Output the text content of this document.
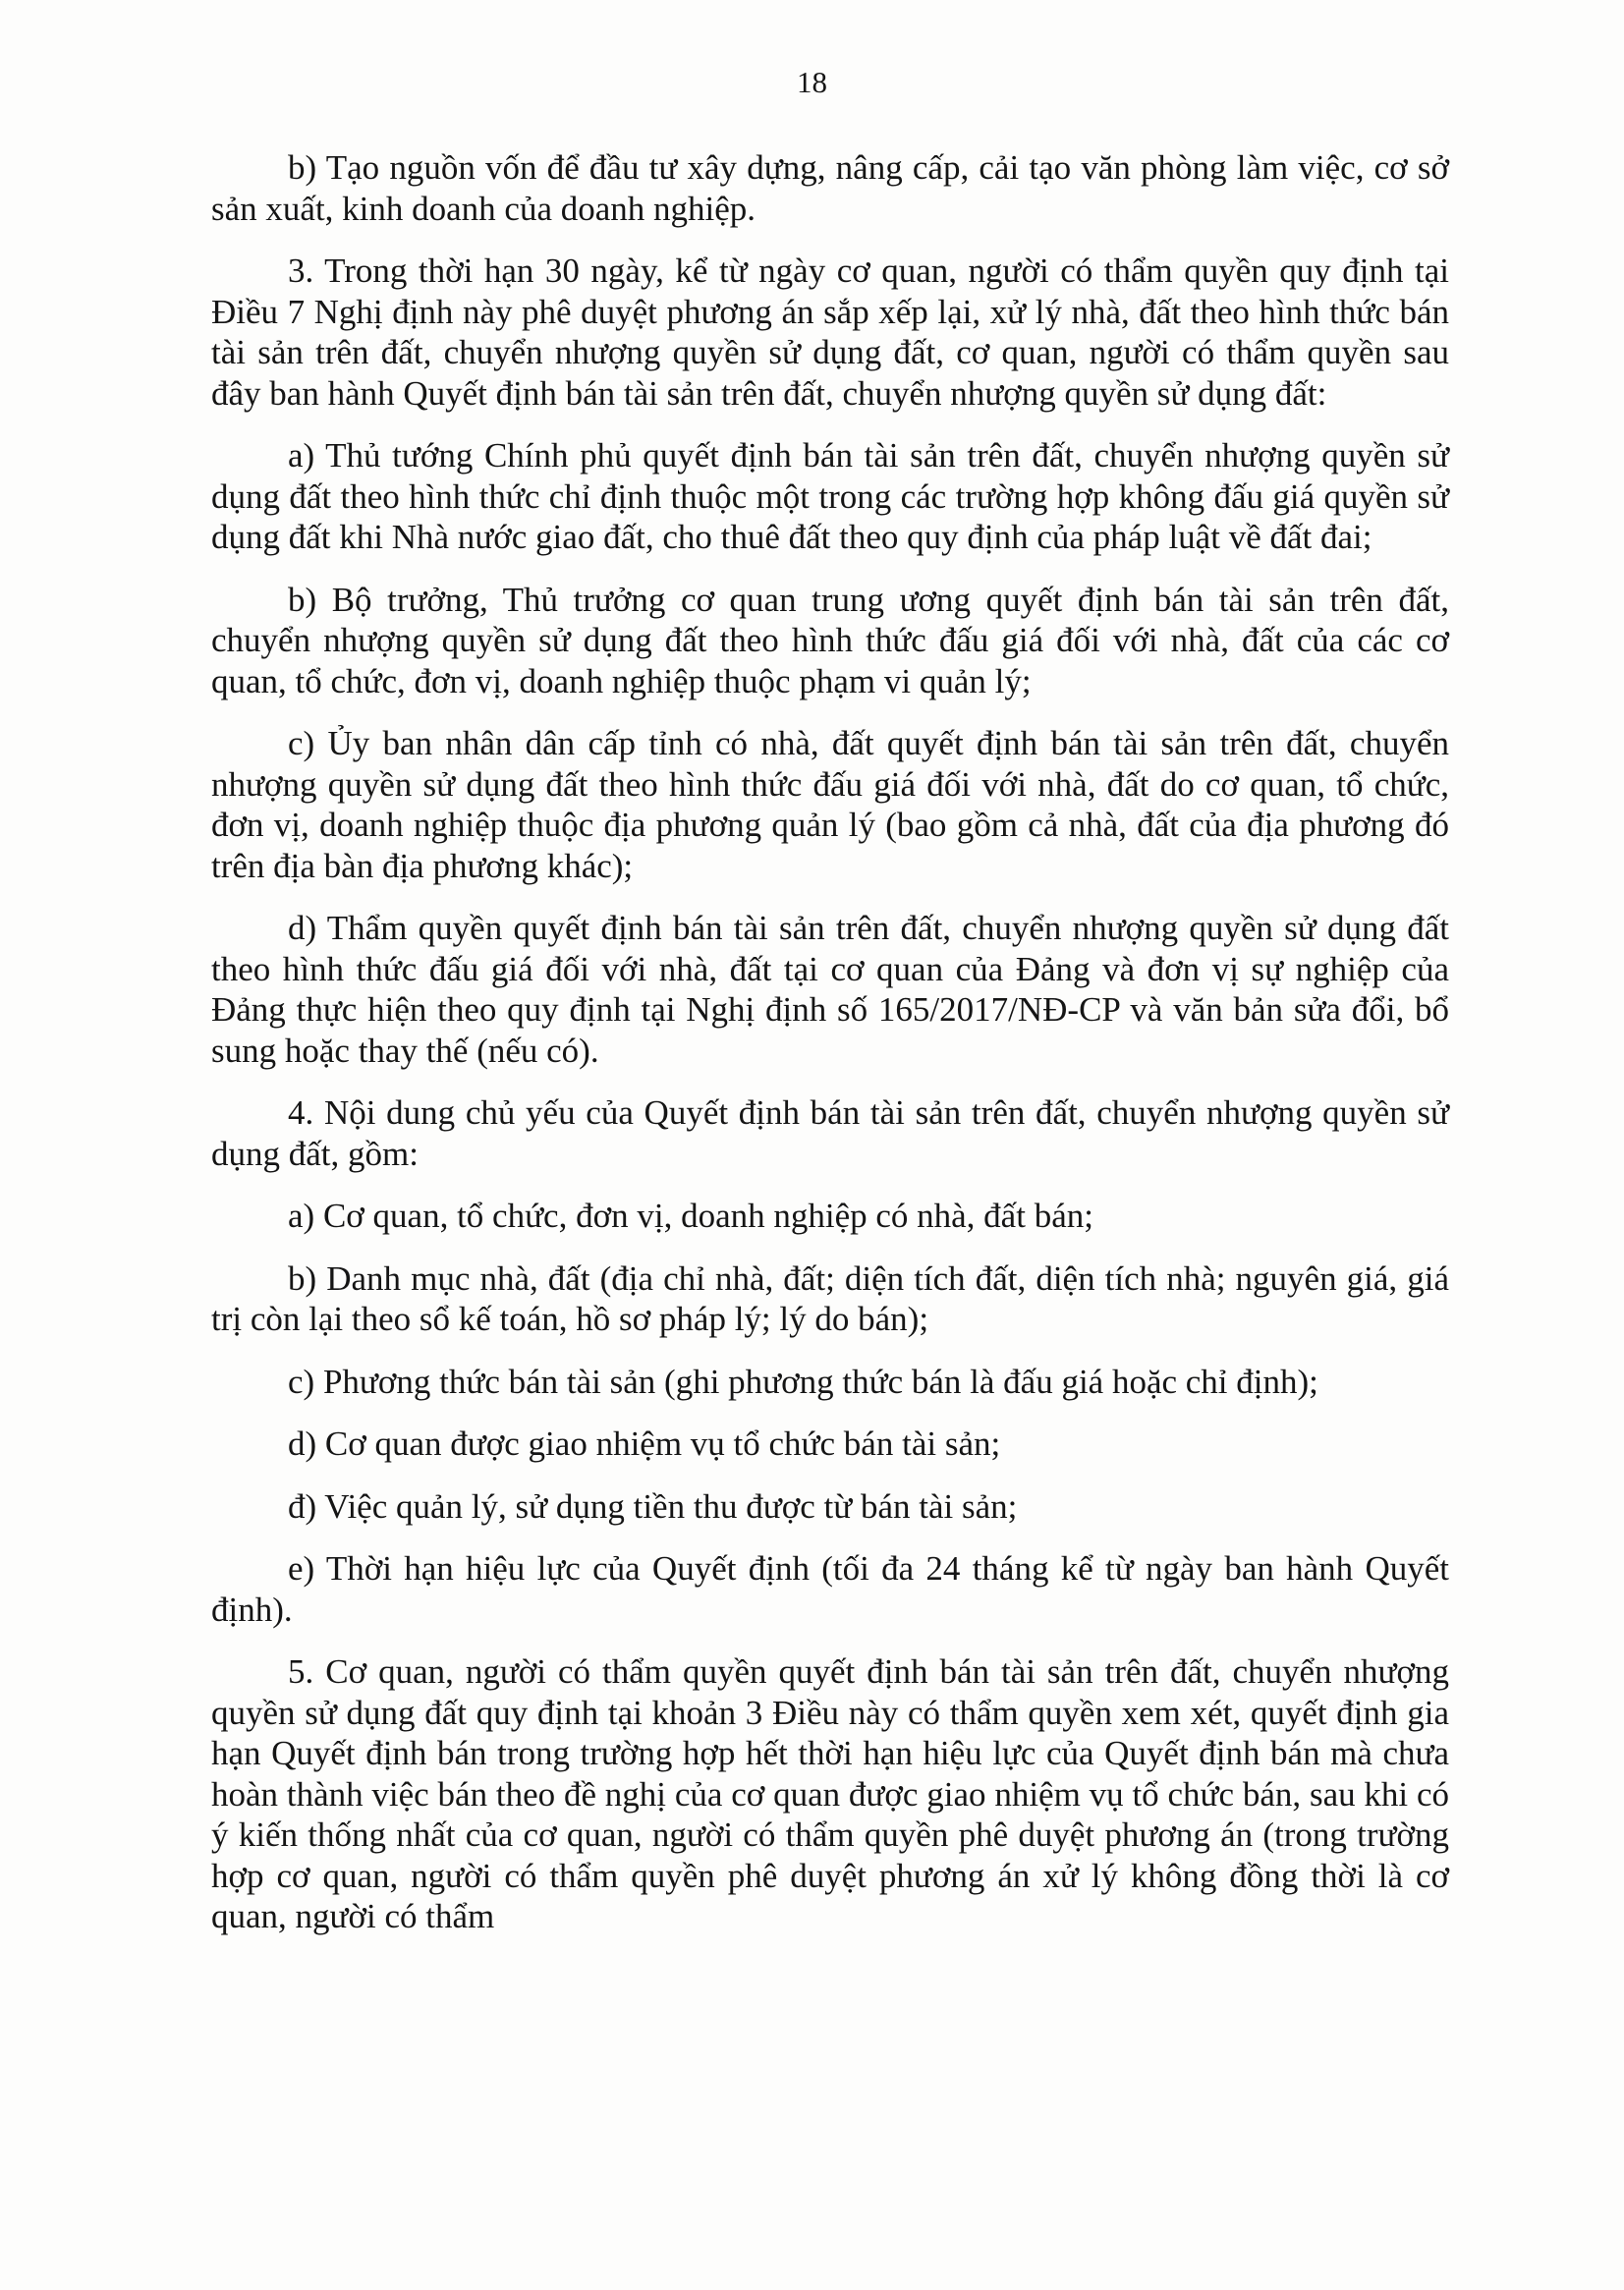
18

b) Tạo nguồn vốn để đầu tư xây dựng, nâng cấp, cải tạo văn phòng làm việc, cơ sở sản xuất, kinh doanh của doanh nghiệp.

3. Trong thời hạn 30 ngày, kể từ ngày cơ quan, người có thẩm quyền quy định tại Điều 7 Nghị định này phê duyệt phương án sắp xếp lại, xử lý nhà, đất theo hình thức bán tài sản trên đất, chuyển nhượng quyền sử dụng đất, cơ quan, người có thẩm quyền sau đây ban hành Quyết định bán tài sản trên đất, chuyển nhượng quyền sử dụng đất:

a) Thủ tướng Chính phủ quyết định bán tài sản trên đất, chuyển nhượng quyền sử dụng đất theo hình thức chỉ định thuộc một trong các trường hợp không đấu giá quyền sử dụng đất khi Nhà nước giao đất, cho thuê đất theo quy định của pháp luật về đất đai;

b) Bộ trưởng, Thủ trưởng cơ quan trung ương quyết định bán tài sản trên đất, chuyển nhượng quyền sử dụng đất theo hình thức đấu giá đối với nhà, đất của các cơ quan, tổ chức, đơn vị, doanh nghiệp thuộc phạm vi quản lý;

c) Ủy ban nhân dân cấp tỉnh có nhà, đất quyết định bán tài sản trên đất, chuyển nhượng quyền sử dụng đất theo hình thức đấu giá đối với nhà, đất do cơ quan, tổ chức, đơn vị, doanh nghiệp thuộc địa phương quản lý (bao gồm cả nhà, đất của địa phương đó trên địa bàn địa phương khác);

d) Thẩm quyền quyết định bán tài sản trên đất, chuyển nhượng quyền sử dụng đất theo hình thức đấu giá đối với nhà, đất tại cơ quan của Đảng và đơn vị sự nghiệp của Đảng thực hiện theo quy định tại Nghị định số 165/2017/NĐ-CP và văn bản sửa đổi, bổ sung hoặc thay thế (nếu có).

4. Nội dung chủ yếu của Quyết định bán tài sản trên đất, chuyển nhượng quyền sử dụng đất, gồm:

a) Cơ quan, tổ chức, đơn vị, doanh nghiệp có nhà, đất bán;

b) Danh mục nhà, đất (địa chỉ nhà, đất; diện tích đất, diện tích nhà; nguyên giá, giá trị còn lại theo sổ kế toán, hồ sơ pháp lý; lý do bán);

c) Phương thức bán tài sản (ghi phương thức bán là đấu giá hoặc chỉ định);

d) Cơ quan được giao nhiệm vụ tổ chức bán tài sản;

đ) Việc quản lý, sử dụng tiền thu được từ bán tài sản;

e) Thời hạn hiệu lực của Quyết định (tối đa 24 tháng kể từ ngày ban hành Quyết định).

5. Cơ quan, người có thẩm quyền quyết định bán tài sản trên đất, chuyển nhượng quyền sử dụng đất quy định tại khoản 3 Điều này có thẩm quyền xem xét, quyết định gia hạn Quyết định bán trong trường hợp hết thời hạn hiệu lực của Quyết định bán mà chưa hoàn thành việc bán theo đề nghị của cơ quan được giao nhiệm vụ tổ chức bán, sau khi có ý kiến thống nhất của cơ quan, người có thẩm quyền phê duyệt phương án (trong trường hợp cơ quan, người có thẩm quyền phê duyệt phương án xử lý không đồng thời là cơ quan, người có thẩm
